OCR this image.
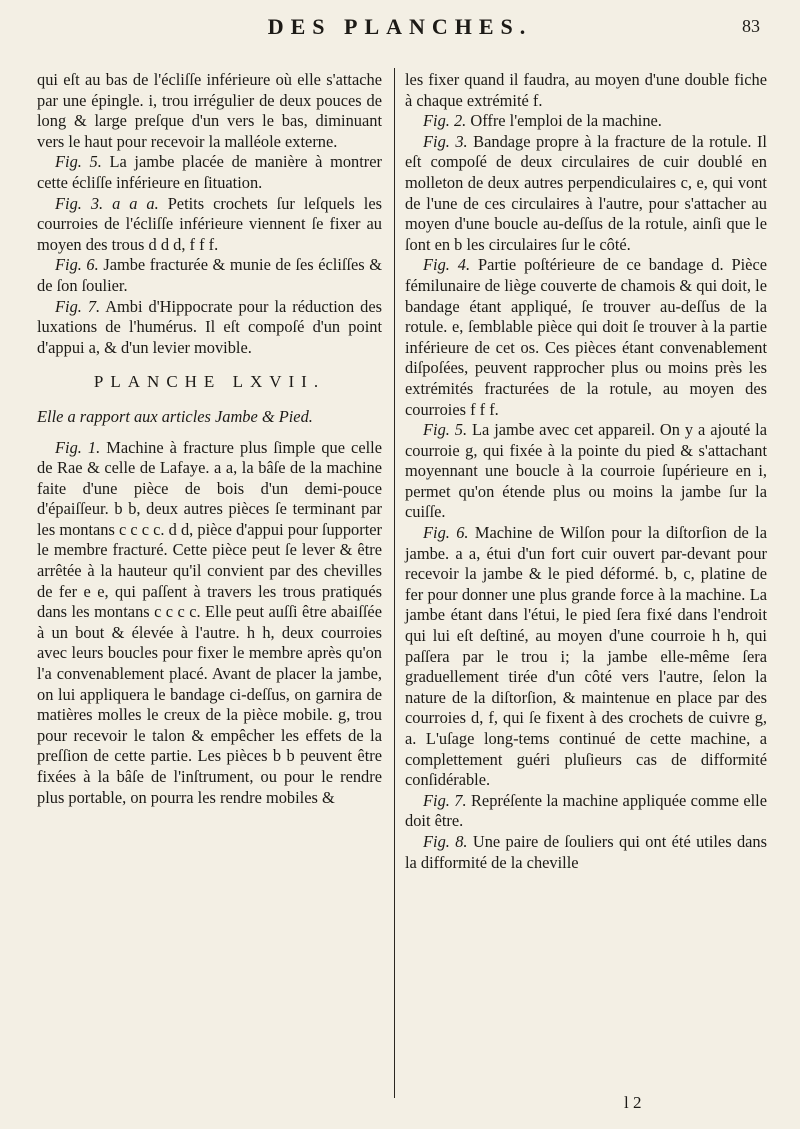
DES PLANCHES.	83

qui eſt au bas de l'écliſſe inférieure où elle s'attache par une épingle. i, trou irrégulier de deux pouces de long & large preſque d'un vers le bas, diminuant vers le haut pour recevoir la malléole externe.

Fig. 5. La jambe placée de manière à montrer cette écliſſe inférieure en ſituation.

Fig. 3. a a a. Petits crochets ſur leſquels les courroies de l'écliſſe inférieure viennent ſe fixer au moyen des trous d d d, f f f.

Fig. 6. Jambe fracturée & munie de ſes écliſſes & de ſon ſoulier.

Fig. 7. Ambi d'Hippocrate pour la réduction des luxations de l'humérus. Il eſt compoſé d'un point d'appui a, & d'un levier movible.

PLANCHE LXVII.
Elle a rapport aux articles Jambe & Pied.

Fig. 1. Machine à fracture plus ſimple que celle de Rae & celle de Lafaye. a a, la bâſe de la machine faite d'une pièce de bois d'un demi-pouce d'épaiſſeur. b b, deux autres pièces ſe terminant par les montans c c c c. d d, pièce d'appui pour ſupporter le membre fracturé. Cette pièce peut ſe lever & être arrêtée à la hauteur qu'il convient par des chevilles de fer e e, qui paſſent à travers les trous pratiqués dans les montans c c c c. Elle peut auſſi être abaiſſée à un bout & élevée à l'autre. h h, deux courroies avec leurs boucles pour fixer le membre après qu'on l'a convenablement placé. Avant de placer la jambe, on lui appliquera le bandage ci-deſſus, on garnira de matières molles le creux de la pièce mobile. g, trou pour recevoir le talon & empêcher les effets de la preſſion de cette partie. Les pièces b b peuvent être fixées à la bâſe de l'inſtrument, ou pour le rendre plus portable, on pourra les rendre mobiles &

les fixer quand il faudra, au moyen d'une double fiche à chaque extrémité f.

Fig. 2. Offre l'emploi de la machine.

Fig. 3. Bandage propre à la fracture de la rotule. Il eſt compoſé de deux circulaires de cuir doublé en molleton de deux autres perpendiculaires c, e, qui vont de l'une de ces circulaires à l'autre, pour s'attacher au moyen d'une boucle au-deſſus de la rotule, ainſi que le ſont en b les circulaires ſur le côté.

Fig. 4. Partie poſtérieure de ce bandage d. Pièce fémilunaire de liège couverte de chamois & qui doit, le bandage étant appliqué, ſe trouver au-deſſus de la rotule. e, ſemblable pièce qui doit ſe trouver à la partie inférieure de cet os. Ces pièces étant convenablement diſpoſées, peuvent rapprocher plus ou moins près les extrémités fracturées de la rotule, au moyen des courroies f f f.

Fig. 5. La jambe avec cet appareil. On y a ajouté la courroie g, qui fixée à la pointe du pied & s'attachant moyennant une boucle à la courroie ſupérieure en i, permet qu'on étende plus ou moins la jambe ſur la cuiſſe.

Fig. 6. Machine de Wilſon pour la diſtorſion de la jambe. a a, étui d'un fort cuir ouvert par-devant pour recevoir la jambe & le pied déformé. b, c, platine de fer pour donner une plus grande force à la machine. La jambe étant dans l'étui, le pied ſera fixé dans l'endroit qui lui eſt deſtiné, au moyen d'une courroie h h, qui paſſera par le trou i; la jambe elle-même ſera graduellement tirée d'un côté vers l'autre, ſelon la nature de la diſtorſion, & maintenue en place par des courroies d, f, qui ſe fixent à des crochets de cuivre g, a. L'uſage long-tems continué de cette machine, a complettement guéri pluſieurs cas de difformité conſidérable.

Fig. 7. Repréſente la machine appliquée comme elle doit être.

Fig. 8. Une paire de ſouliers qui ont été utiles dans la difformité de la cheville

l 2
